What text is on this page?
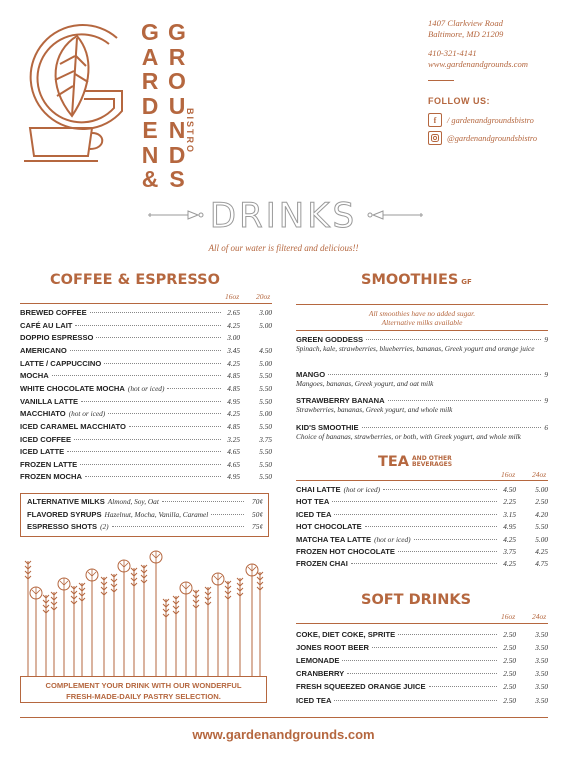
G
A
R
D
E
N
&
G
R
O
U
N
D
S
BISTRO
1407 Clarkview Road
Baltimore, MD 21209
410-321-4141
www.gardenandgrounds.com
FOLLOW US:
f	/ gardenandgroundsbistro
@gardenandgroundsbistro
DRINKS
All of our water is filtered and delicious!!
COFFEE & ESPRESSO
16oz 20oz
BREWED COFFEE	2.65	3.00
CAFÉ AU LAIT	4.25	5.00
DOPPIO ESPRESSO	3.00
AMERICANO	3.45	4.50
LATTE / CAPPUCCINO	4.25	5.00
MOCHA	4.85	5.50
WHITE CHOCOLATE MOCHA (hot or iced)	4.85	5.50
VANILLA LATTE	4.95	5.50
MACCHIATO (hot or iced)	4.25	5.00
ICED CARAMEL MACCHIATO	4.85	5.50
ICED COFFEE	3.25	3.75
ICED LATTE	4.65	5.50
FROZEN LATTE	4.65	5.50
FROZEN MOCHA	4.95	5.50
ALTERNATIVE MILKS Almond, Soy, Oat	70¢
FLAVORED SYRUPS Hazelnut, Mocha, Vanilla, Caramel	50¢
ESPRESSO SHOTS (2)	75¢
COMPLEMENT YOUR DRINK WITH OUR WONDERFUL
FRESH-MADE-DAILY PASTRY SELECTION.
SMOOTHIES GF
All smoothies have no added sugar.
Alternative milks available
GREEN GODDESS	9
Spinach, kale, strawberries, blueberries, bananas, Greek yogurt and orange juice
MANGO	9
Mangoes, bananas, Greek yogurt, and oat milk
STRAWBERRY BANANA	9
Strawberries, bananas, Greek yogurt, and whole milk
KID'S SMOOTHIE	6
Choice of bananas, strawberries, or both, with Greek yogurt, and whole milk
TEA AND OTHER
BEVERAGES
16oz 24oz
CHAI LATTE (hot or iced)	4.50	5.00
HOT TEA	2.25	2.50
ICED TEA	3.15	4.20
HOT CHOCOLATE	4.95	5.50
MATCHA TEA LATTE (hot or iced)	4.25	5.00
FROZEN HOT CHOCOLATE	3.75	4.25
FROZEN CHAI	4.25	4.75
SOFT DRINKS
16oz 24oz
COKE, DIET COKE, SPRITE	2.50	3.50
JONES ROOT BEER	2.50	3.50
LEMONADE	2.50	3.50
CRANBERRY	2.50	3.50
FRESH SQUEEZED ORANGE JUICE	2.50	3.50
ICED TEA	2.50	3.50
www.gardenandgrounds.com
